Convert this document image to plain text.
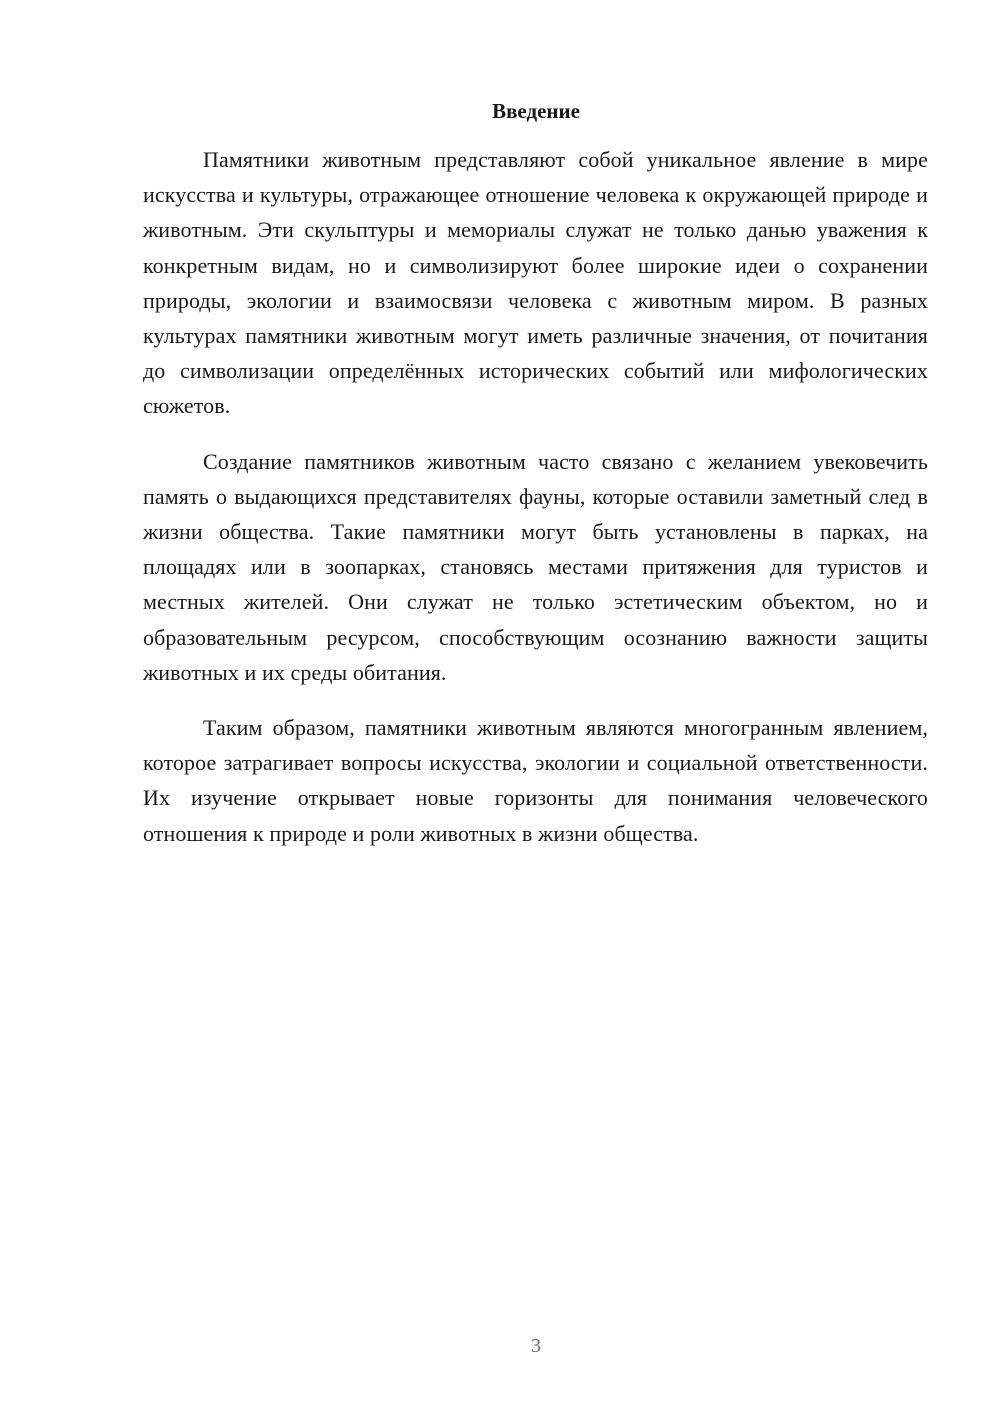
Введение

Памятники животным представляют собой уникальное явление в мире искусства и культуры, отражающее отношение человека к окружающей природе и животным. Эти скульптуры и мемориалы служат не только данью уважения к конкретным видам, но и символизируют более широкие идеи о сохранении природы, экологии и взаимосвязи человека с животным миром. В разных культурах памятники животным могут иметь различные значения, от почитания до символизации определённых исторических событий или мифологических сюжетов.

Создание памятников животным часто связано с желанием увековечить память о выдающихся представителях фауны, которые оставили заметный след в жизни общества. Такие памятники могут быть установлены в парках, на площадях или в зоопарках, становясь местами притяжения для туристов и местных жителей. Они служат не только эстетическим объектом, но и образовательным ресурсом, способствующим осознанию важности защиты животных и их среды обитания.

Таким образом, памятники животным являются многогранным явлением, которое затрагивает вопросы искусства, экологии и социальной ответственности. Их изучение открывает новые горизонты для понимания человеческого отношения к природе и роли животных в жизни общества.

3
